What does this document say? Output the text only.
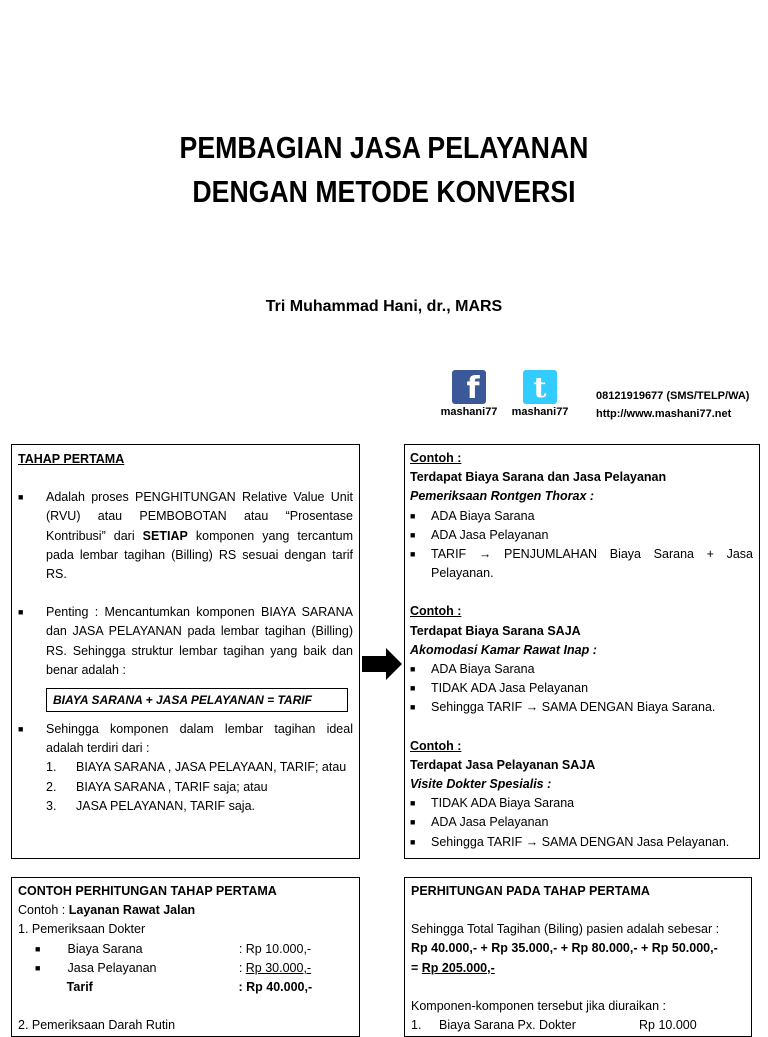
PEMBAGIAN JASA PELAYANAN
DENGAN METODE KONVERSI
Tri Muhammad Hani, dr., MARS
f
mashani77
t
mashani77
08121919677 (SMS/TELP/WA)
http://www.mashani77.net

TAHAP PERTAMA

■	Adalah proses PENGHITUNGAN Relative Value Unit (RVU) atau PEMBOBOTAN atau “Prosentase Kontribusi” dari SETIAP komponen yang tercantum pada lembar tagihan (Billing) RS sesuai dengan tarif RS.
■	Penting : Mencantumkan komponen BIAYA SARANA dan JASA PELAYANAN pada lembar tagihan (Billing) RS. Sehingga struktur lembar tagihan yang baik dan benar adalah :
BIAYA SARANA + JASA PELAYANAN = TARIF
■	Sehingga komponen dalam lembar tagihan ideal adalah terdiri dari :
1.	BIAYA SARANA , JASA PELAYAAN, TARIF; atau
2.	BIAYA SARANA , TARIF saja; atau
3.	JASA PELAYANAN, TARIF saja.

Contoh :

Terdapat Biaya Sarana dan Jasa Pelayanan

Pemeriksaan Rontgen Thorax :

■	ADA Biaya Sarana
■	ADA Jasa Pelayanan
■	TARIF → PENJUMLAHAN Biaya Sarana + Jasa Pelayanan.

Contoh :

Terdapat Biaya Sarana SAJA

Akomodasi Kamar Rawat Inap :

■	ADA Biaya Sarana
■	TIDAK ADA Jasa Pelayanan
■	Sehingga TARIF → SAMA DENGAN Biaya Sarana.

Contoh :

Terdapat Jasa Pelayanan SAJA

Visite Dokter Spesialis :

■	TIDAK ADA Biaya Sarana
■	ADA Jasa Pelayanan
■	Sehingga TARIF → SAMA DENGAN Jasa Pelayanan.

CONTOH PERHITUNGAN TAHAP PERTAMA

Contoh : Layanan Rawat Jalan

1. Pemeriksaan Dokter

■	Biaya Sarana	: Rp 10.000,-
■	Jasa Pelayanan	: Rp 30.000,-
Tarif	: Rp 40.000,-

2. Pemeriksaan Darah Rutin

PERHITUNGAN PADA TAHAP PERTAMA

Sehingga Total Tagihan (Biling) pasien adalah sebesar :

Rp 40.000,- + Rp 35.000,- + Rp 80.000,- + Rp 50.000,-

= Rp 205.000,-

Komponen-komponen tersebut jika diuraikan :

1.	Biaya Sarana Px. Dokter	Rp 10.000
